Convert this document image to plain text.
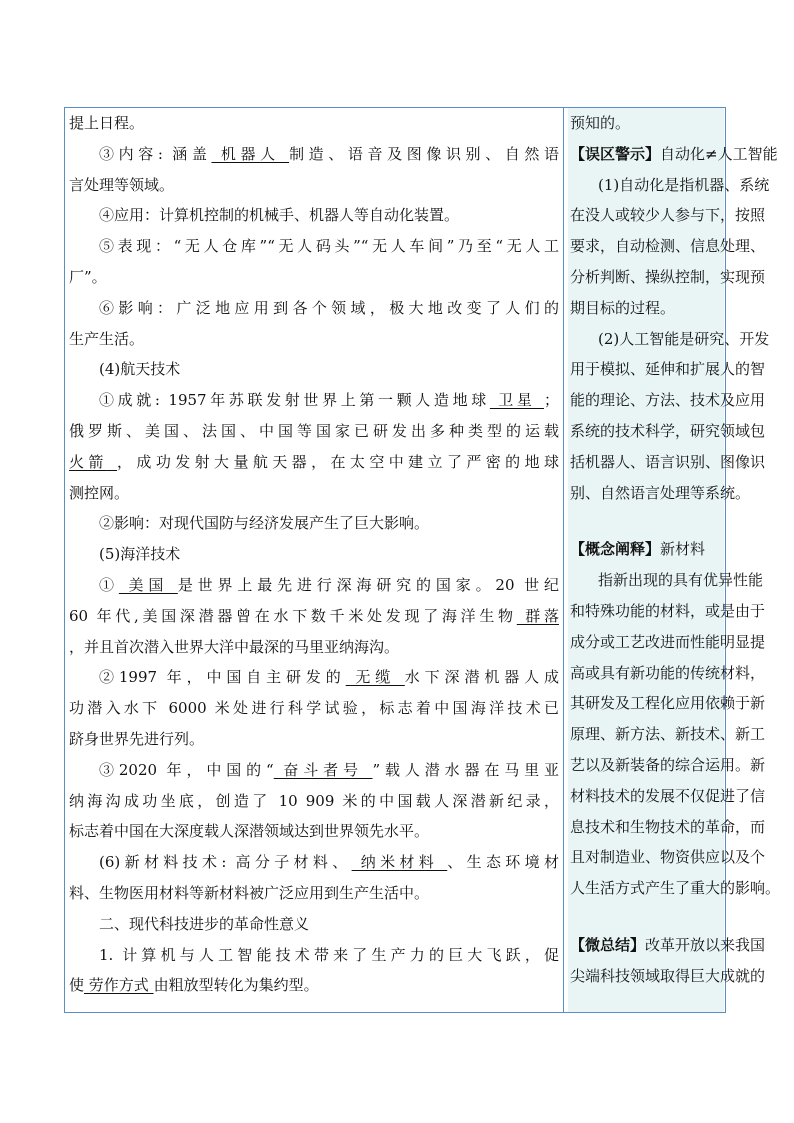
提上日程。
③内容: 涵盖 机器人 制造、语音及图像识别、自然语
言处理等领域。
④应用：计算机控制的机械手、机器人等自动化装置。
⑤表现：“无人仓库”“无人码头”“无人车间”乃至“无人工
厂”。
⑥影响：广泛地应用到各个领域，极大地改变了人们的
生产生活。
(4)航天技术
①成就: 1957年苏联发射世界上第一颗人造地球 卫星 ；
俄罗斯、美国、法国、中国等国家已研发出多种类型的运载
火箭 ，成功发射大量航天器，在太空中建立了严密的地球
测控网。
②影响：对现代国防与经济发展产生了巨大影响。
(5)海洋技术
① 美国 是世界上最先进行深海研究的国家。20 世纪
60 年代,美国深潜器曾在水下数千米处发现了海洋生物 群落
，并且首次潜入世界大洋中最深的马里亚纳海沟。
②1997 年，中国自主研发的 无缆 水下深潜机器人成
功潜入水下 6000 米处进行科学试验，标志着中国海洋技术已
跻身世界先进行列。
③2020 年，中国的“ 奋斗者号 ”载人潜水器在马里亚
纳海沟成功坐底，创造了 10 909 米的中国载人深潜新纪录，
标志着中国在大深度载人深潜领域达到世界领先水平。
(6)新材料技术: 高分子材料、 纳米材料 、生态环境材
料、生物医用材料等新材料被广泛应用到生产生活中。
二、现代科技进步的革命性意义
1. 计算机与人工智能技术带来了生产力的巨大飞跃，促
使 劳作方式 由粗放型转化为集约型。
预知的。
【误区警示】自动化≠人工智能
(1)自动化是指机器、系统
在没人或较少人参与下，按照
要求，自动检测、信息处理、
分析判断、操纵控制，实现预
期目标的过程。
(2)人工智能是研究、开发
用于模拟、延伸和扩展人的智
能的理论、方法、技术及应用
系统的技术科学，研究领域包
括机器人、语言识别、图像识
别、自然语言处理等系统。
【概念阐释】新材料
指新出现的具有优异性能
和特殊功能的材料，或是由于
成分或工艺改进而性能明显提
高或具有新功能的传统材料，
其研发及工程化应用依赖于新
原理、新方法、新技术、新工
艺以及新装备的综合运用。新
材料技术的发展不仅促进了信
息技术和生物技术的革命，而
且对制造业、物资供应以及个
人生活方式产生了重大的影响。
【微总结】改革开放以来我国
尖端科技领域取得巨大成就的
